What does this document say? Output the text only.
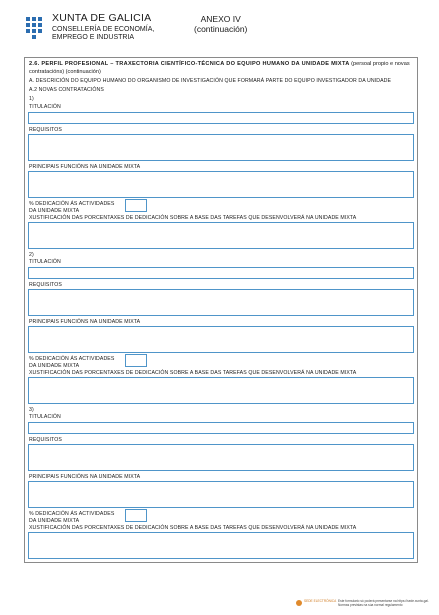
XUNTA DE GALICIA
CONSELLERÍA DE ECONOMÍA, EMPREGO E INDUSTRIA
ANEXO IV
(continuación)
2.6. PERFIL PROFESIONAL – TRAXECTORIA CIENTÍFICO-TÉCNICA DO EQUIPO HUMANO DA UNIDADE MIXTA (persoal propio e novas contratacións) (continuación)
A. DESCRICIÓN DO EQUIPO HUMANO DO ORGANISMO DE INVESTIGACIÓN QUE FORMARÁ PARTE DO EQUIPO INVESTIGADOR DA UNIDADE
A.2 NOVAS CONTRATACIÓNS
1)
TITULACIÓN
REQUISITOS
PRINCIPAIS FUNCIÓNS NA UNIDADE MIXTA
% DEDICACIÓN ÁS ACTIVIDADES
DA UNIDADE MIXTA
XUSTIFICACIÓN DAS PORCENTAXES DE DEDICACIÓN SOBRE A BASE DAS TAREFAS QUE DESENVOLVERÁ NA UNIDADE MIXTA
2)
TITULACIÓN
REQUISITOS
PRINCIPAIS FUNCIÓNS NA UNIDADE MIXTA
% DEDICACIÓN ÁS ACTIVIDADES
DA UNIDADE MIXTA
XUSTIFICACIÓN DAS PORCENTAXES DE DEDICACIÓN SOBRE A BASE DAS TAREFAS QUE DESENVOLVERÁ NA UNIDADE MIXTA
3)
TITULACIÓN
REQUISITOS
PRINCIPAIS FUNCIÓNS NA UNIDADE MIXTA
% DEDICACIÓN ÁS ACTIVIDADES
DA UNIDADE MIXTA
XUSTIFICACIÓN DAS PORCENTAXES DE DEDICACIÓN SOBRE A BASE DAS TAREFAS QUE DESENVOLVERÁ NA UNIDADE MIXTA
SEDE ELECTRÓNICA Este formulario só poderá presentarse na https://sede.xunta.gal. Normas previstas na súa normal regulamento
